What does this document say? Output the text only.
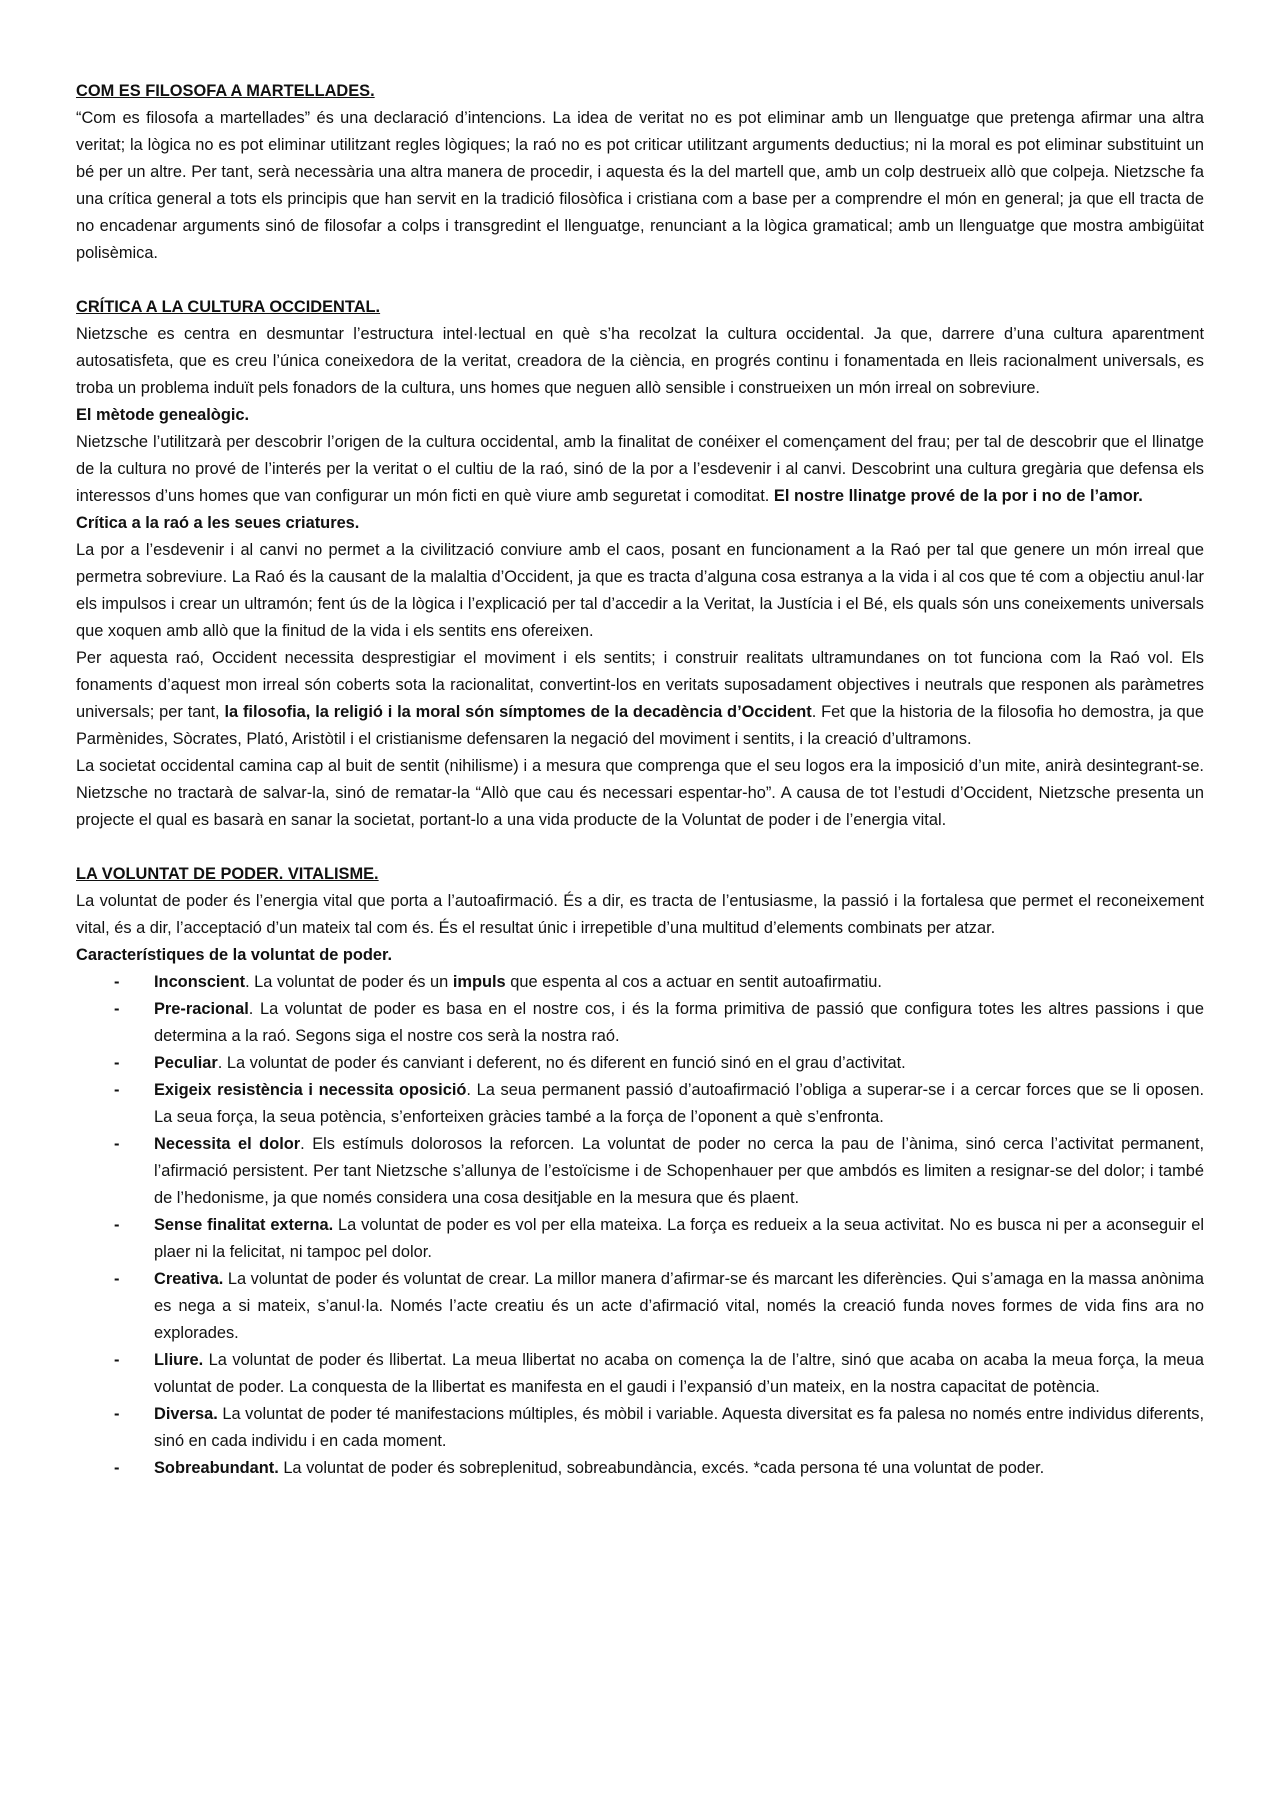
COM ES FILOSOFA A MARTELLADES.

“Com es filosofa a martellades” és una declaració d’intencions. La idea de veritat no es pot eliminar amb un llenguatge que pretenga afirmar una altra veritat; la lògica no es pot eliminar utilitzant regles lògiques; la raó no es pot criticar utilitzant arguments deductius; ni la moral es pot eliminar substituint un bé per un altre. Per tant, serà necessària una altra manera de procedir, i aquesta és la del martell que, amb un colp destrueix allò que colpeja. Nietzsche fa una crítica general a tots els principis que han servit en la tradició filosòfica i cristiana com a base per a comprendre el món en general; ja que ell tracta de no encadenar arguments sinó de filosofar a colps i transgredint el llenguatge, renunciant a la lògica gramatical; amb un llenguatge que mostra ambigüitat polisèmica.

CRÍTICA A LA CULTURA OCCIDENTAL.

Nietzsche es centra en desmuntar l’estructura intel·lectual en què s’ha recolzat la cultura occidental. Ja que, darrere d’una cultura aparentment autosatisfeta, que es creu l’única coneixedora de la veritat, creadora de la ciència, en progrés continu i fonamentada en lleis racionalment universals, es troba un problema induït pels fonadors de la cultura, uns homes que neguen allò sensible i construeixen un món irreal on sobreviure.

El mètode genealògic.

Nietzsche l’utilitzarà per descobrir l’origen de la cultura occidental, amb la finalitat de conéixer el començament del frau; per tal de descobrir que el llinatge de la cultura no prové de l’interés per la veritat o el cultiu de la raó, sinó de la por a l’esdevenir i al canvi. Descobrint una cultura gregària que defensa els interessos d’uns homes que van configurar un món ficti en què viure amb seguretat i comoditat. El nostre llinatge prové de la por i no de l’amor.

Crítica a la raó a les seues criatures.

La por a l’esdevenir i al canvi no permet a la civilització conviure amb el caos, posant en funcionament a la Raó per tal que genere un món irreal que permetra sobreviure. La Raó és la causant de la malaltia d’Occident, ja que es tracta d’alguna cosa estranya a la vida i al cos que té com a objectiu anul·lar els impulsos i crear un ultramón; fent ús de la lògica i l’explicació per tal d’accedir a la Veritat, la Justícia i el Bé, els quals són uns coneixements universals que xoquen amb allò que la finitud de la vida i els sentits ens ofereixen.

Per aquesta raó, Occident necessita desprestigiar el moviment i els sentits; i construir realitats ultramundanes on tot funciona com la Raó vol. Els fonaments d’aquest mon irreal són coberts sota la racionalitat, convertint-los en veritats suposadament objectives i neutrals que responen als paràmetres universals; per tant, la filosofia, la religió i la moral són símptomes de la decadència d’Occident. Fet que la historia de la filosofia ho demostra, ja que Parmènides, Sòcrates, Plató, Aristòtil i el cristianisme defensaren la negació del moviment i sentits, i la creació d’ultramons.

La societat occidental camina cap al buit de sentit (nihilisme) i a mesura que comprenga que el seu logos era la imposició d’un mite, anirà desintegrant-se. Nietzsche no tractarà de salvar-la, sinó de rematar-la “Allò que cau és necessari espentar-ho”. A causa de tot l’estudi d’Occident, Nietzsche presenta un projecte el qual es basarà en sanar la societat, portant-lo a una vida producte de la Voluntat de poder i de l’energia vital.

LA VOLUNTAT DE PODER. VITALISME.

La voluntat de poder és l’energia vital que porta a l’autoafirmació. És a dir, es tracta de l’entusiasme, la passió i la fortalesa que permet el reconeixement vital, és a dir, l’acceptació d’un mateix tal com és. És el resultat únic i irrepetible d’una multitud d’elements combinats per atzar.

Característiques de la voluntat de poder.

- Inconscient. La voluntat de poder és un impuls que espenta al cos a actuar en sentit autoafirmatiu.
- Pre-racional. La voluntat de poder es basa en el nostre cos, i és la forma primitiva de passió que configura totes les altres passions i que determina a la raó. Segons siga el nostre cos serà la nostra raó.
- Peculiar. La voluntat de poder és canviant i deferent, no és diferent en funció sinó en el grau d’activitat.
- Exigeix resistència i necessita oposició. La seua permanent passió d’autoafirmació l’obliga a superar-se i a cercar forces que se li oposen. La seua força, la seua potència, s’enforteixen gràcies també a la força de l’oponent a què s’enfronta.
- Necessita el dolor. Els estímuls dolorosos la reforcen. La voluntat de poder no cerca la pau de l’ànima, sinó cerca l’activitat permanent, l’afirmació persistent. Per tant Nietzsche s’allunya de l’estoïcisme i de Schopenhauer per que ambdós es limiten a resignar-se del dolor; i també de l’hedonisme, ja que només considera una cosa desitjable en la mesura que és plaent.
- Sense finalitat externa. La voluntat de poder es vol per ella mateixa. La força es redueix a la seua activitat. No es busca ni per a aconseguir el plaer ni la felicitat, ni tampoc pel dolor.
- Creativa. La voluntat de poder és voluntat de crear. La millor manera d’afirmar-se és marcant les diferències. Qui s’amaga en la massa anònima es nega a si mateix, s’anul·la. Només l’acte creatiu és un acte d’afirmació vital, només la creació funda noves formes de vida fins ara no explorades.
- Lliure. La voluntat de poder és llibertat. La meua llibertat no acaba on comença la de l’altre, sinó que acaba on acaba la meua força, la meua voluntat de poder. La conquesta de la llibertat es manifesta en el gaudi i l’expansió d’un mateix, en la nostra capacitat de potència.
- Diversa. La voluntat de poder té manifestacions múltiples, és mòbil i variable. Aquesta diversitat es fa palesa no només entre individus diferents, sinó en cada individu i en cada moment.
- Sobreabundant. La voluntat de poder és sobreplenitud, sobreabundància, excés. *cada persona té una voluntat de poder.
